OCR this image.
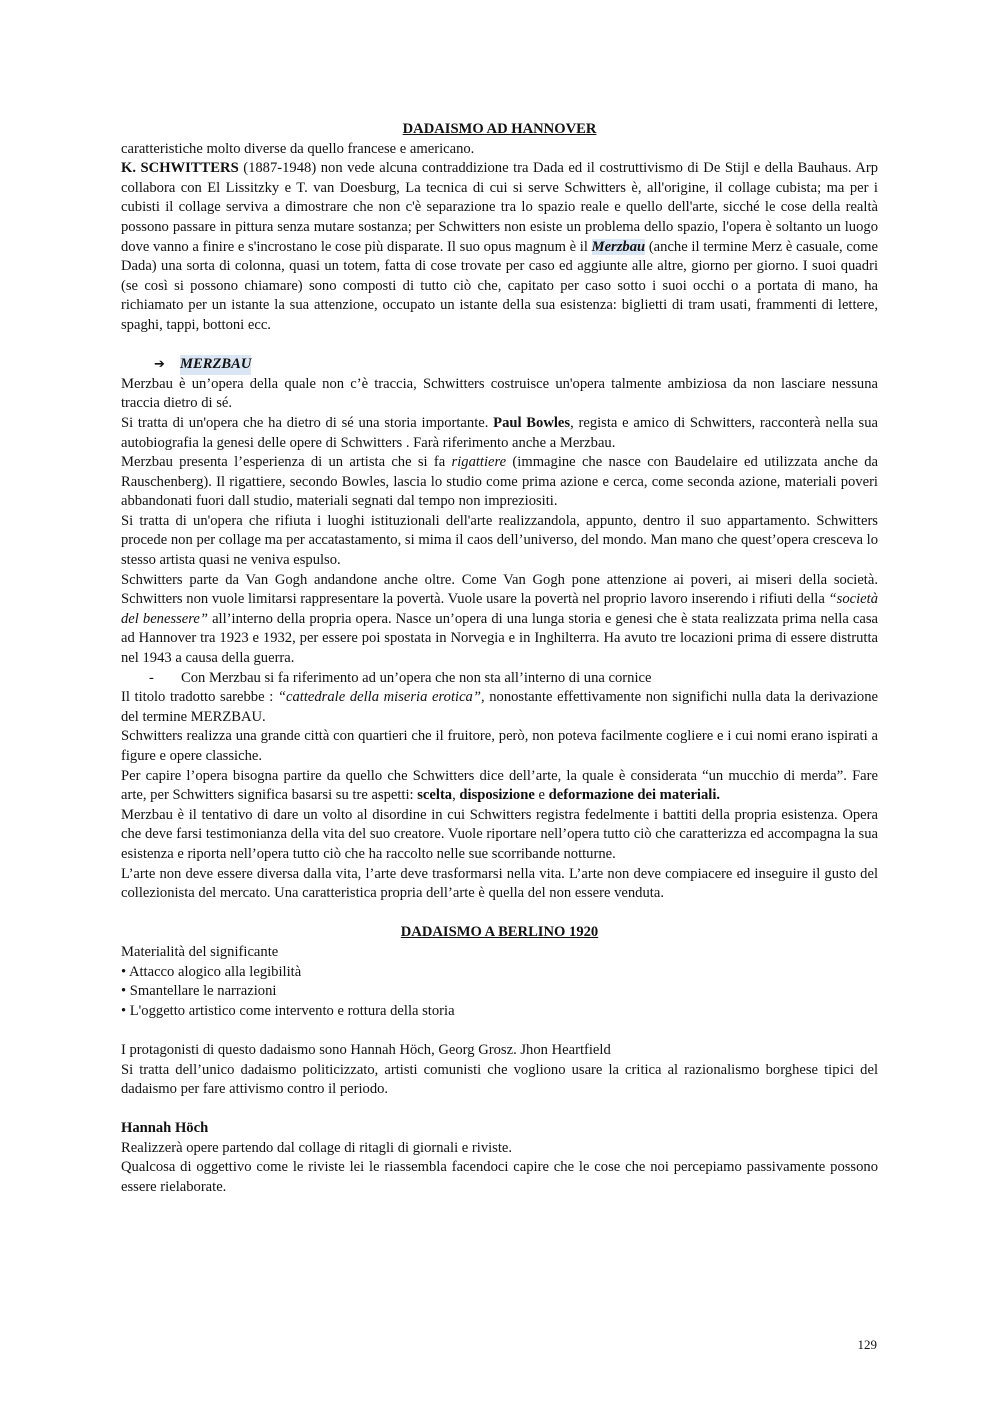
DADAISMO AD HANNOVER

caratteristiche molto diverse da quello francese e americano.

K. SCHWITTERS (1887-1948) non vede alcuna contraddizione tra Dada ed il costruttivismo di De Stijl e della Bauhaus. Arp collabora con El Lissitzky e T. van Doesburg, La tecnica di cui si serve Schwitters è, all'origine, il collage cubista; ma per i cubisti il collage serviva a dimostrare che non c'è separazione tra lo spazio reale e quello dell'arte, sicché le cose della realtà possono passare in pittura senza mutare sostanza; per Schwitters non esiste un problema dello spazio, l'opera è soltanto un luogo dove vanno a finire e s'incrostano le cose più disparate. Il suo opus magnum è il Merzbau (anche il termine Merz è casuale, come Dada) una sorta di colonna, quasi un totem, fatta di cose trovate per caso ed aggiunte alle altre, giorno per giorno. I suoi quadri (se così si possono chiamare) sono composti di tutto ciò che, capitato per caso sotto i suoi occhi o a portata di mano, ha richiamato per un istante la sua attenzione, occupato un istante della sua esistenza: biglietti di tram usati, frammenti di lettere, spaghi, tappi, bottoni ecc.

➔	MERZBAU

Merzbau è un’opera della quale non c’è traccia, Schwitters costruisce un'opera talmente ambiziosa da non lasciare nessuna traccia dietro di sé.

Si tratta di un'opera che ha dietro di sé una storia importante. Paul Bowles, regista e amico di Schwitters, racconterà nella sua autobiografia la genesi delle opere di Schwitters . Farà riferimento anche a Merzbau.

Merzbau presenta l’esperienza di un artista che si fa rigattiere (immagine che nasce con Baudelaire ed utilizzata anche da Rauschenberg). Il rigattiere, secondo Bowles, lascia lo studio come prima azione e cerca, come seconda azione, materiali poveri abbandonati fuori dall studio, materiali segnati dal tempo non impreziositi.

Si tratta di un'opera che rifiuta i luoghi istituzionali dell'arte realizzandola, appunto, dentro il suo appartamento. Schwitters procede non per collage ma per accatastamento, si mima il caos dell’universo, del mondo. Man mano che quest’opera cresceva lo stesso artista quasi ne veniva espulso.

Schwitters parte da Van Gogh andandone anche oltre. Come Van Gogh pone attenzione ai poveri, ai miseri della società. Schwitters non vuole limitarsi rappresentare la povertà. Vuole usare la povertà nel proprio lavoro inserendo i rifiuti della “società del benessere” all’interno della propria opera. Nasce un’opera di una lunga storia e genesi che è stata realizzata prima nella casa ad Hannover tra 1923 e 1932, per essere poi spostata in Norvegia e in Inghilterra. Ha avuto tre locazioni prima di essere distrutta nel 1943 a causa della guerra.

-	Con Merzbau si fa riferimento ad un’opera che non sta all’interno di una cornice

Il titolo tradotto sarebbe : “cattedrale della miseria erotica”, nonostante effettivamente non significhi nulla data la derivazione del termine MERZBAU.

Schwitters realizza una grande città con quartieri che il fruitore, però, non poteva facilmente cogliere e i cui nomi erano ispirati a figure e opere classiche.

Per capire l’opera bisogna partire da quello che Schwitters dice dell’arte, la quale è considerata “un mucchio di merda”. Fare arte, per Schwitters significa basarsi su tre aspetti: scelta, disposizione e deformazione dei materiali.

Merzbau è il tentativo di dare un volto al disordine in cui Schwitters registra fedelmente i battiti della propria esistenza. Opera che deve farsi testimonianza della vita del suo creatore. Vuole riportare nell’opera tutto ciò che caratterizza ed accompagna la sua esistenza e riporta nell’opera tutto ciò che ha raccolto nelle sue scorribande notturne.

L’arte non deve essere diversa dalla vita, l’arte deve trasformarsi nella vita. L’arte non deve compiacere ed inseguire il gusto del collezionista del mercato. Una caratteristica propria dell’arte è quella del non essere venduta.

DADAISMO A BERLINO 1920

Materialità del significante

• Attacco alogico alla legibilità
• Smantellare le narrazioni
• L'oggetto artistico come intervento e rottura della storia

I protagonisti di questo dadaismo sono Hannah Höch, Georg Grosz. Jhon Heartfield

Si tratta dell’unico dadaismo politicizzato, artisti comunisti che vogliono usare la critica al razionalismo borghese tipici del dadaismo per fare attivismo contro il periodo.

Hannah Höch

Realizzerà opere partendo dal collage di ritagli di giornali e riviste.

Qualcosa di oggettivo come le riviste lei le riassembla facendoci capire che le cose che noi percepiamo passivamente possono essere rielaborate.

129
